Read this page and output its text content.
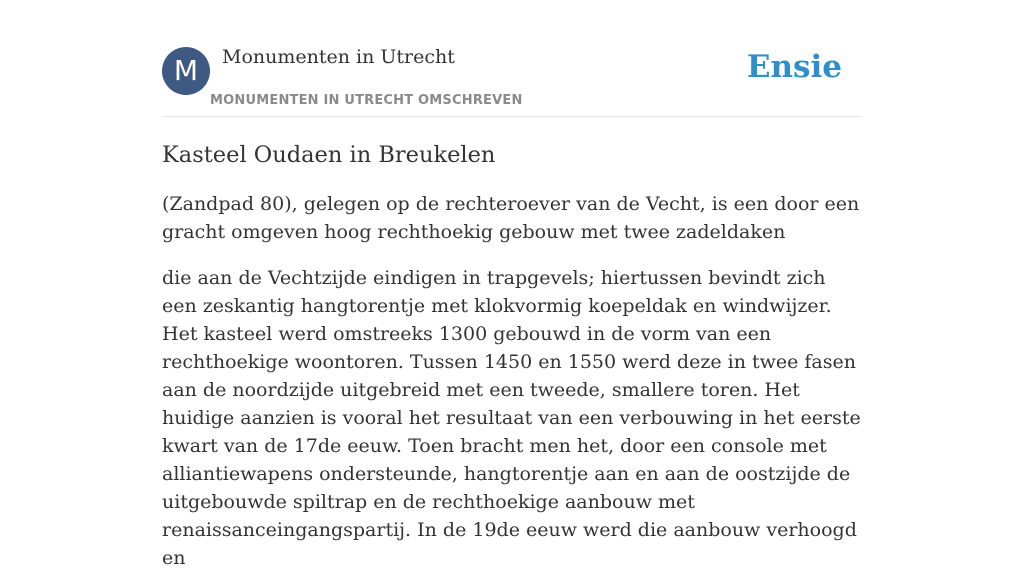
M	Monumenten in Utrecht
MONUMENTEN IN UTRECHT OMSCHREVEN
Ensie
Kasteel Oudaen in Breukelen

(Zandpad 80), gelegen op de rechteroever van de Vecht, is een door een gracht omgeven hoog rechthoekig gebouw met twee zadeldaken

die aan de Vechtzijde eindigen in trapgevels; hiertussen bevindt zich een zeskantig hangtorentje met klokvormig koepeldak en windwijzer. Het kasteel werd omstreeks 1300 gebouwd in de vorm van een rechthoekige woontoren. Tussen 1450 en 1550 werd deze in twee fasen aan de noordzijde uitgebreid met een tweede, smallere toren. Het huidige aanzien is vooral het resultaat van een verbouwing in het eerste kwart van de 17de eeuw. Toen bracht men het, door een console met alliantiewapens ondersteunde, hangtorentje aan en aan de oostzijde de uitgebouwde spiltrap en de rechthoekige aanbouw met renaissanceingangspartij. In de 19de eeuw werd die aanbouw verhoogd en
